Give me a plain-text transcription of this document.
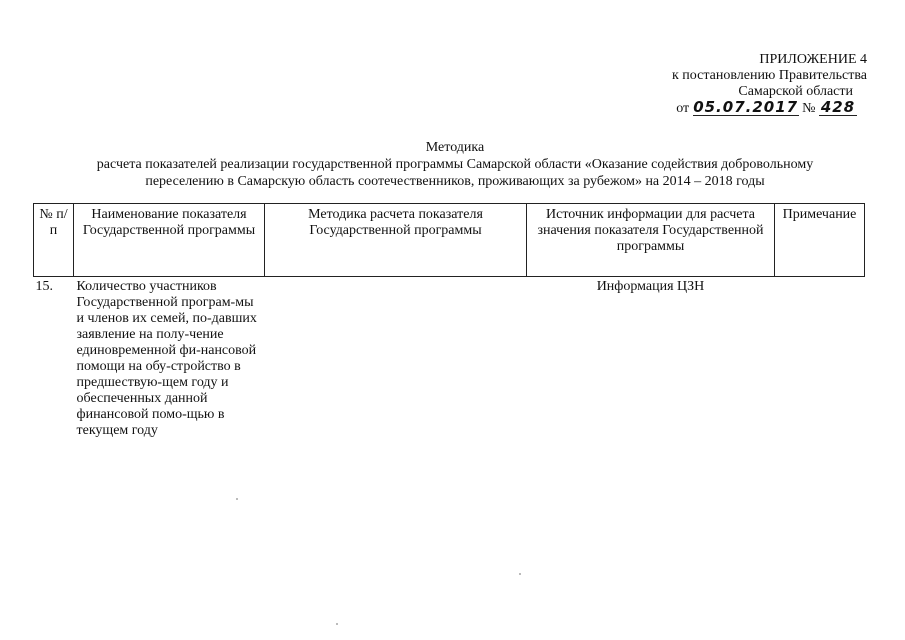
ПРИЛОЖЕНИЕ 4
к постановлению Правительства
Самарской области
от 05.07.2017 № 428
Методика
расчета показателей реализации государственной программы Самарской области «Оказание содействия добровольному
переселению в Самарскую область соотечественников, проживающих за рубежом» на 2014 – 2018 годы
№ п/п	Наименование показателя Государственной программы	Методика расчета показателя Государственной программы	Источник информации для расчета значения показателя Государственной программы	Примечание
15.	Количество участников Государственной програм-мы и членов их семей, по-давших заявление на полу-чение единовременной фи-нансовой помощи на обу-стройство в предшествую-щем году и обеспеченных данной финансовой помо-щью в текущем году		Информация ЦЗН	
